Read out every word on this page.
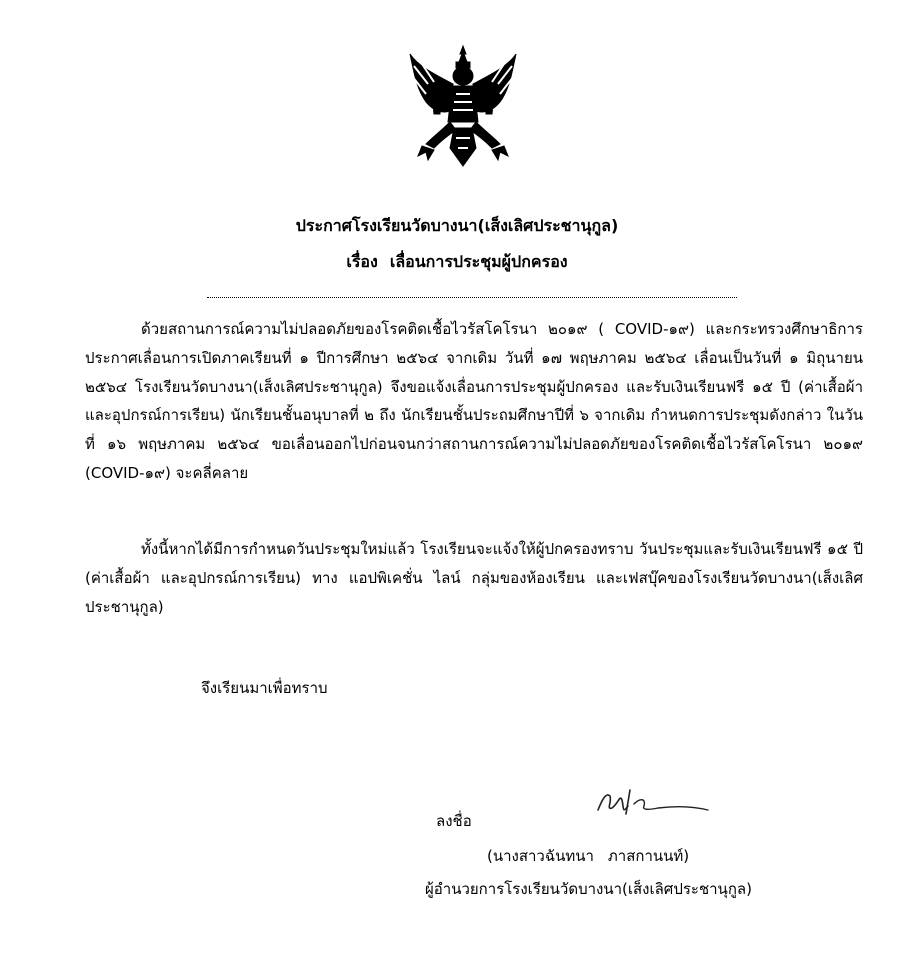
ประกาศโรงเรียนวัดบางนา(เส็งเลิศประชานุกูล)
เรื่อง เลื่อนการประชุมผู้ปกครอง
ด้วยสถานการณ์ความไม่ปลอดภัยของโรคติดเชื้อไวรัสโคโรนา ๒๐๑๙ ( COVID-๑๙) และกระทรวงศึกษาธิการ ประกาศเลื่อนการเปิดภาคเรียนที่ ๑ ปีการศึกษา ๒๕๖๔ จากเดิม วันที่ ๑๗ พฤษภาคม ๒๕๖๔ เลื่อนเป็นวันที่ ๑ มิถุนายน ๒๕๖๔ โรงเรียนวัดบางนา(เส็งเลิศประชานุกูล) จึงขอแจ้งเลื่อนการประชุมผู้ปกครอง และรับเงินเรียนฟรี ๑๕ ปี (ค่าเสื้อผ้า และอุปกรณ์การเรียน) นักเรียนชั้นอนุบาลที่ ๒ ถึง นักเรียนชั้นประถมศึกษาปีที่ ๖ จากเดิม กำหนดการประชุมดังกล่าว ในวันที่ ๑๖ พฤษภาคม ๒๕๖๔ ขอเลื่อนออกไปก่อนจนกว่าสถานการณ์ความไม่ปลอดภัยของโรคติดเชื้อไวรัสโคโรนา ๒๐๑๙ (COVID-๑๙) จะคลี่คลาย
ทั้งนี้หากได้มีการกำหนดวันประชุมใหม่แล้ว โรงเรียนจะแจ้งให้ผู้ปกครองทราบ วันประชุมและรับเงินเรียนฟรี ๑๕ ปี (ค่าเสื้อผ้า และอุปกรณ์การเรียน) ทาง แอปพิเคชั่น ไลน์ กลุ่มของห้องเรียน และเฟสบุ๊คของโรงเรียนวัดบางนา(เส็งเลิศประชานุกูล)
จึงเรียนมาเพื่อทราบ
ลงชื่อ
(นางสาวฉันทนา ภาสกานนท์)
ผู้อำนวยการโรงเรียนวัดบางนา(เส็งเลิศประชานุกูล)
